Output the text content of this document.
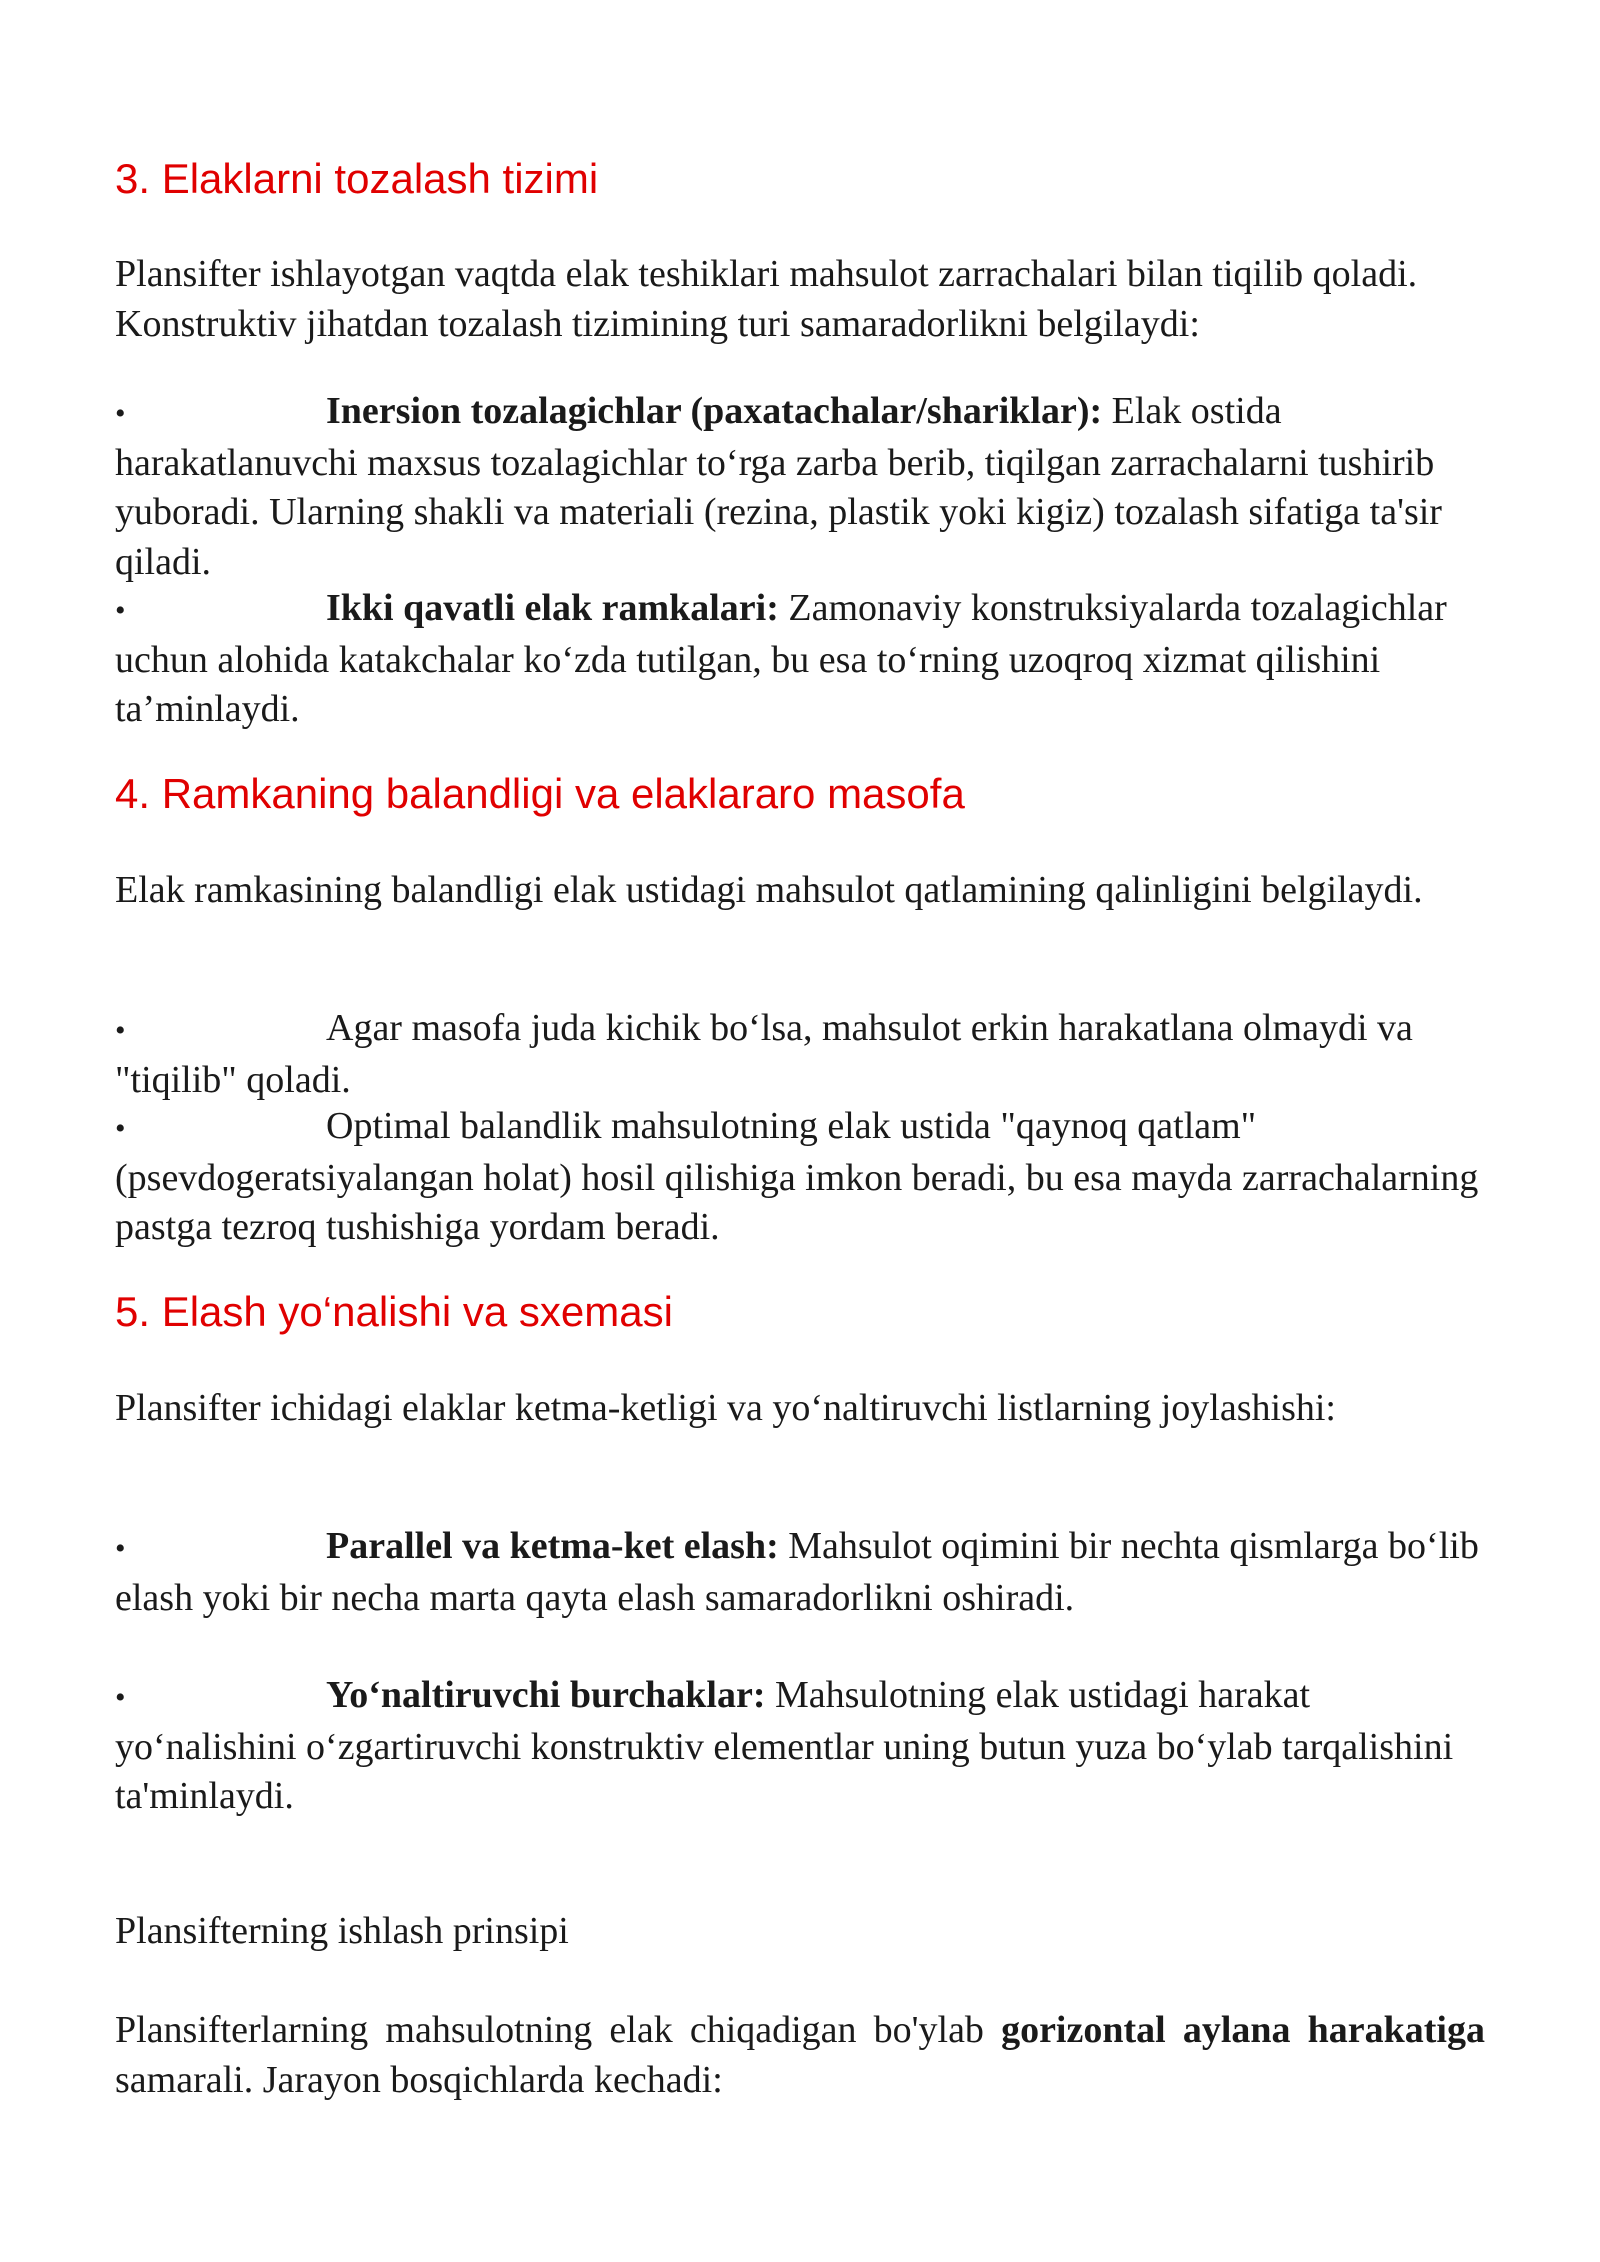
3. Elaklarni tozalash tizimi

Plansifter ishlayotgan vaqtda elak teshiklari mahsulot zarrachalari bilan tiqilib qoladi. Konstruktiv jihatdan tozalash tizimining turi samaradorlikni belgilaydi:

•	Inersion tozalagichlar (paxatachalar/shariklar): Elak ostida harakatlanuvchi maxsus tozalagichlar to‘rga zarba berib, tiqilgan zarrachalarni tushirib yuboradi. Ularning shakli va materiali (rezina, plastik yoki kigiz) tozalash sifatiga ta'sir qiladi.

•	Ikki qavatli elak ramkalari: Zamonaviy konstruksiyalarda tozalagichlar uchun alohida katakchalar ko‘zda tutilgan, bu esa to‘rning uzoqroq xizmat qilishini ta’minlaydi.

4. Ramkaning balandligi va elaklararo masofa

Elak ramkasining balandligi elak ustidagi mahsulot qatlamining qalinligini belgilaydi.

•	Agar masofa juda kichik bo‘lsa, mahsulot erkin harakatlana olmaydi va "tiqilib" qoladi.

•	Optimal balandlik mahsulotning elak ustida "qaynoq qatlam" (psevdogeratsiyalangan holat) hosil qilishiga imkon beradi, bu esa mayda zarrachalarning pastga tezroq tushishiga yordam beradi.

5. Elash yo‘nalishi va sxemasi

Plansifter ichidagi elaklar ketma-ketligi va yo‘naltiruvchi listlarning joylashishi:

•	Parallel va ketma-ket elash: Mahsulot oqimini bir nechta qismlarga bo‘lib elash yoki bir necha marta qayta elash samaradorlikni oshiradi.

•	Yo‘naltiruvchi burchaklar: Mahsulotning elak ustidagi harakat yo‘nalishini o‘zgartiruvchi konstruktiv elementlar uning butun yuza bo‘ylab tarqalishini ta'minlaydi.

Plansifterning ishlash prinsipi

Plansifterlarning mahsulotning elak chiqadigan bo'ylab gorizontal aylana harakatiga samarali. Jarayon bosqichlarda kechadi:
